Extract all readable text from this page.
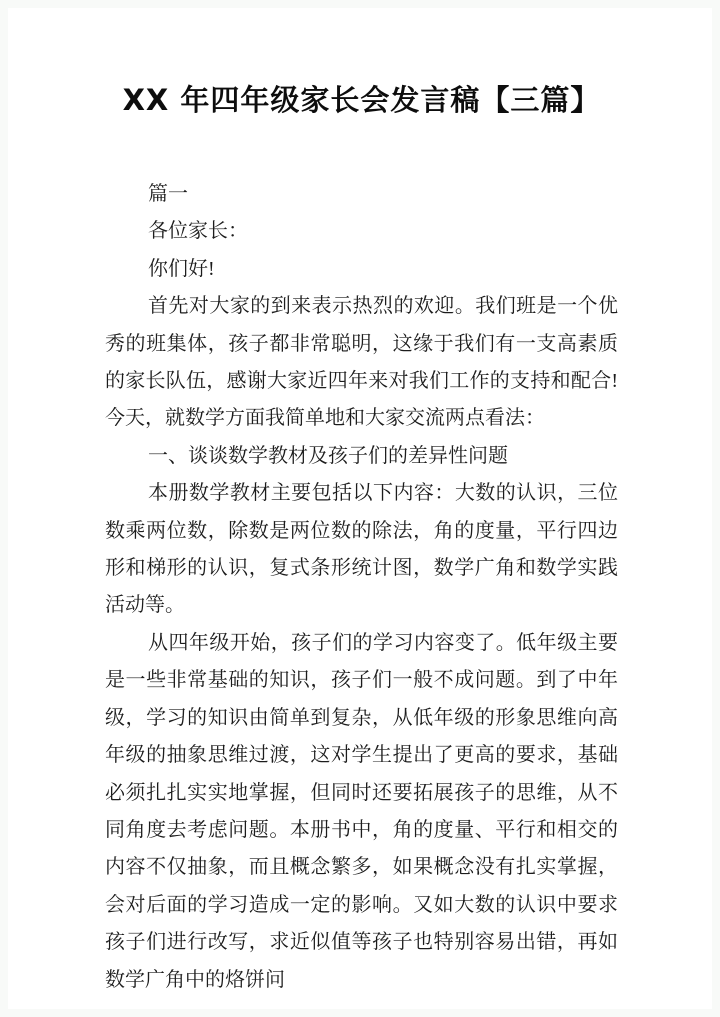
XX 年四年级家长会发言稿【三篇】

篇一

各位家长：

你们好!

首先对大家的到来表示热烈的欢迎。我们班是一个优秀的班集体，孩子都非常聪明，这缘于我们有一支高素质的家长队伍，感谢大家近四年来对我们工作的支持和配合!今天，就数学方面我简单地和大家交流两点看法：

一、谈谈数学教材及孩子们的差异性问题

本册数学教材主要包括以下内容：大数的认识，三位数乘两位数，除数是两位数的除法，角的度量，平行四边形和梯形的认识，复式条形统计图，数学广角和数学实践活动等。

从四年级开始，孩子们的学习内容变了。低年级主要是一些非常基础的知识，孩子们一般不成问题。到了中年级，学习的知识由简单到复杂，从低年级的形象思维向高年级的抽象思维过渡，这对学生提出了更高的要求，基础必须扎扎实实地掌握，但同时还要拓展孩子的思维，从不同角度去考虑问题。本册书中，角的度量、平行和相交的内容不仅抽象，而且概念繁多，如果概念没有扎实掌握，会对后面的学习造成一定的影响。又如大数的认识中要求孩子们进行改写，求近似值等孩子也特别容易出错，再如数学广角中的烙饼问
